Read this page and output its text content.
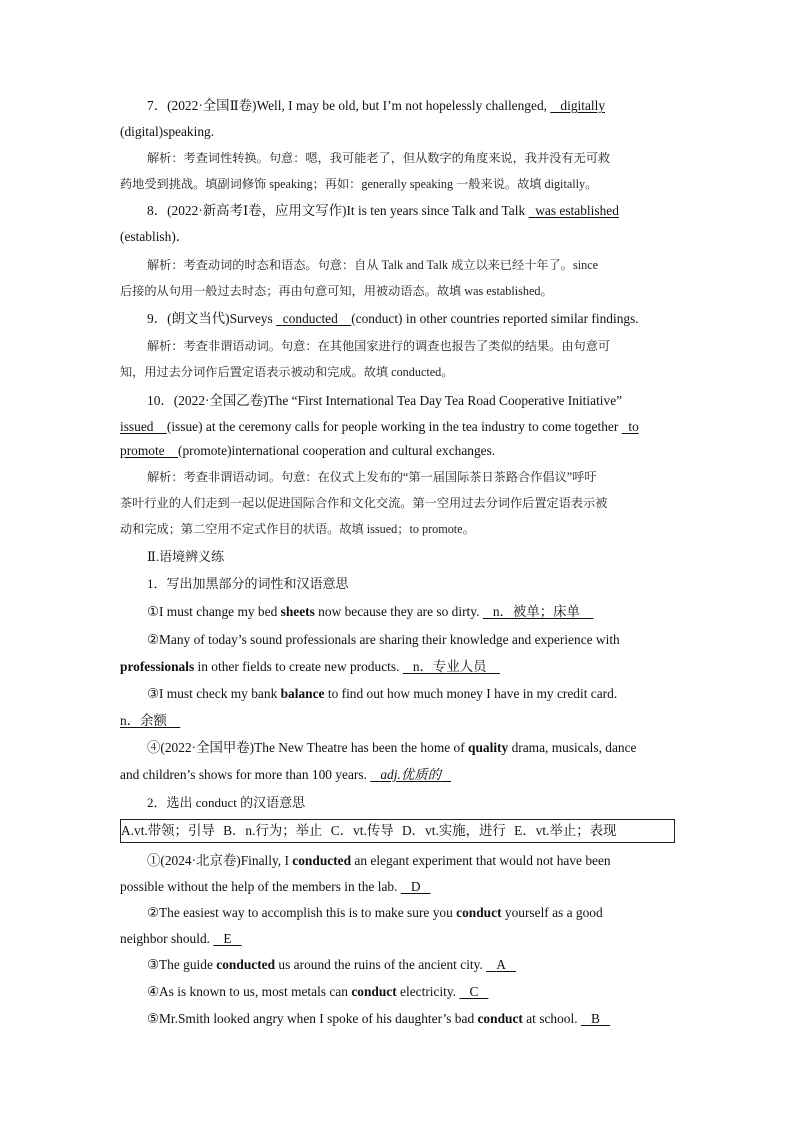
7．(2022·全国Ⅱ卷)Well, I may be old, but I’m not hopelessly challenged, digitally
(digital)speaking.
解析：考查词性转换。句意：嗯，我可能老了，但从数字的角度来说，我并没有无可救
药地受到挑战。填副词修饰 speaking；再如：generally speaking 一般来说。故填 digitally。
8．(2022·新高考Ⅰ卷，应用文写作)It is ten years since Talk and Talk was established
(establish)．
解析：考查动词的时态和语态。句意：自从 Talk and Talk 成立以来已经十年了。since
后接的从句用一般过去时态；再由句意可知，用被动语态。故填 was established。
9．(朗文当代)Surveys conducted (conduct) in other countries reported similar findings.
解析：考查非谓语动词。句意：在其他国家进行的调查也报告了类似的结果。由句意可
知，用过去分词作后置定语表示被动和完成。故填 conducted。
10．(2022·全国乙卷)The “First International Tea Day Tea Road Cooperative Initiative”
issued (issue) at the ceremony calls for people working in the tea industry to come together to
promote (promote)international cooperation and cultural exchanges.
解析：考查非谓语动词。句意：在仪式上发布的“第一届国际茶日茶路合作倡议”呼吁
茶叶行业的人们走到一起以促进国际合作和文化交流。第一空用过去分词作后置定语表示被
动和完成；第二空用不定式作目的状语。故填 issued；to promote。
Ⅱ.语境辨义练
1．写出加黑部分的词性和汉语意思
①I must change my bed sheets now because they are so dirty. n．被单；床单
②Many of today’s sound professionals are sharing their knowledge and experience with
professionals in other fields to create new products. n．专业人员
③I must check my bank balance to find out how much money I have in my credit card.
n．余额
④(2022·全国甲卷)The New Theatre has been the home of quality drama, musicals, dance
and children’s shows for more than 100 years. adj.优质的
2．选出 conduct 的汉语意思
A.vt.带领；引导 B．n.行为；举止 C．vt.传导 D．vt.实施，进行 E．vt.举止；表现
①(2024·北京卷)Finally, I conducted an elegant experiment that would not have been
possible without the help of the members in the lab. D
②The easiest way to accomplish this is to make sure you conduct yourself as a good
neighbor should. E
③The guide conducted us around the ruins of the ancient city. A
④As is known to us, most metals can conduct electricity. C
⑤Mr.Smith looked angry when I spoke of his daughter’s bad conduct at school. B
